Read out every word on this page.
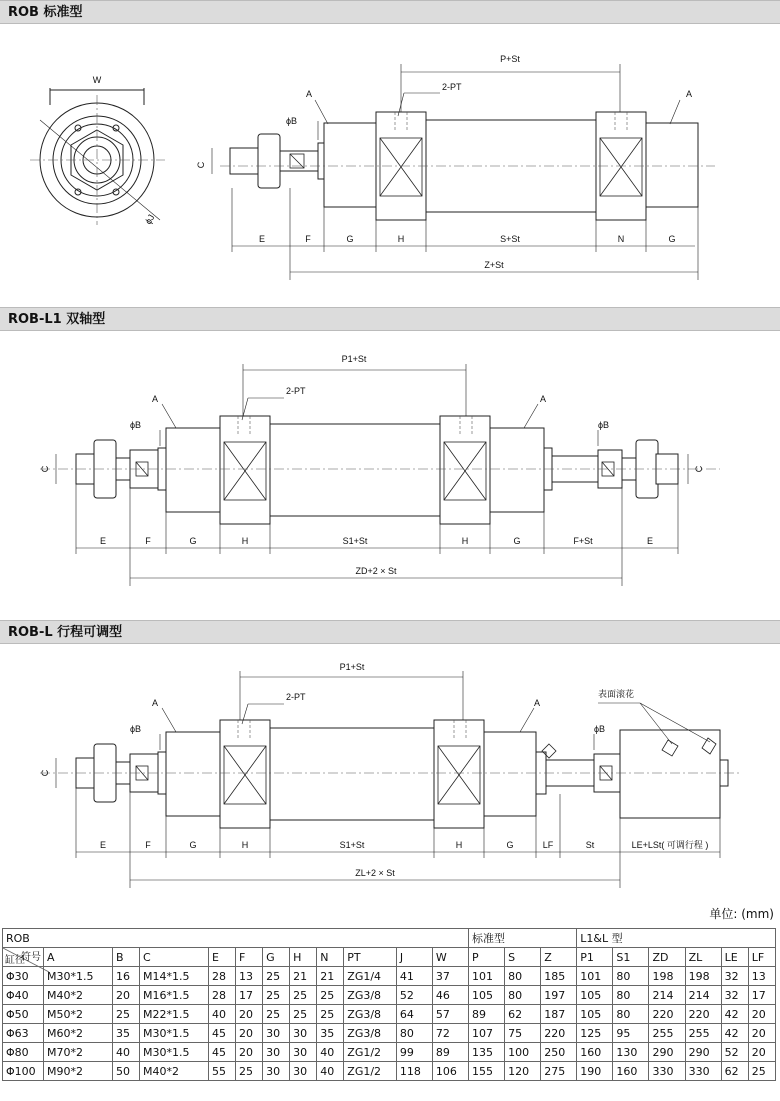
ROB 标准型
ROB-L1 双轴型
ROB-L 行程可调型
W
ϕJ
P+St
E	F	G	H	S+St	N	G
Z+St
C
ϕB
A	A
2-PT
P1+St
E	F	G	H	S1+St	H	G	F+St	E
ZD+2 × St
C	C
ϕB	ϕB
A	A
2-PT
P1+St
E	F	G	H	S1+St	H	G	LF	St	LE+LSt( 可调行程 )
ZL+2 × St
C
ϕB	ϕB
A	A
2-PT	表面滚花
单位: (mm)
ROB												标准型			L1&L 型					

符号
缸径	A	B	C	E	F	G	H	N	PT	J	W	P	S	Z	P1	S1	ZD	ZL	LE	LF
Φ30	M30*1.5	16	M14*1.5	28	13	25	21	21	ZG1/4	41	37	101	80	185	101	80	198	198	32	13
Φ40	M40*2	20	M16*1.5	28	17	25	25	25	ZG3/8	52	46	105	80	197	105	80	214	214	32	17
Φ50	M50*2	25	M22*1.5	40	20	25	25	25	ZG3/8	64	57	89	62	187	105	80	220	220	42	20
Φ63	M60*2	35	M30*1.5	45	20	30	30	35	ZG3/8	80	72	107	75	220	125	95	255	255	42	20
Φ80	M70*2	40	M30*1.5	45	20	30	30	40	ZG1/2	99	89	135	100	250	160	130	290	290	52	20
Φ100	M90*2	50	M40*2	55	25	30	30	40	ZG1/2	118	106	155	120	275	190	160	330	330	62	25
